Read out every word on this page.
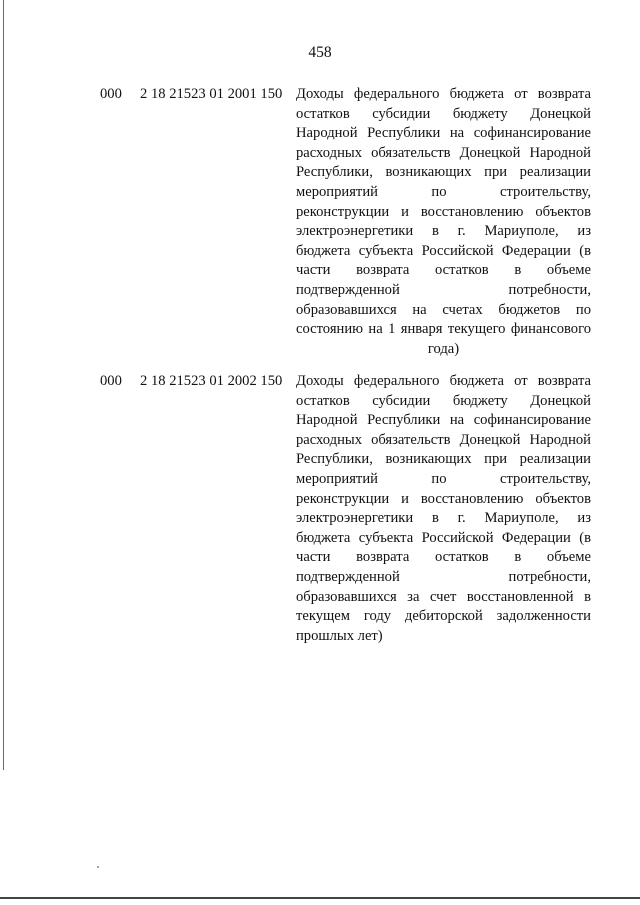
458
000 2 18 21523 01 2001 150 Доходы федерального бюджета от возврата
остатков субсидии бюджету Донецкой
Народной Республики на софинансирование
расходных обязательств Донецкой Народной
Республики, возникающих при реализации
мероприятий по строительству,
реконструкции и восстановлению объектов
электроэнергетики в г. Мариуполе, из
бюджета субъекта Российской Федерации (в
части возврата остатков в объеме
подтвержденной потребности,
образовавшихся на счетах бюджетов по
состоянию на 1 января текущего финансового
года)
000 2 18 21523 01 2002 150 Доходы федерального бюджета от возврата
остатков субсидии бюджету Донецкой
Народной Республики на софинансирование
расходных обязательств Донецкой Народной
Республики, возникающих при реализации
мероприятий по строительству,
реконструкции и восстановлению объектов
электроэнергетики в г. Мариуполе, из
бюджета субъекта Российской Федерации (в
части возврата остатков в объеме
подтвержденной потребности,
образовавшихся за счет восстановленной в
текущем году дебиторской задолженности
прошлых лет)
